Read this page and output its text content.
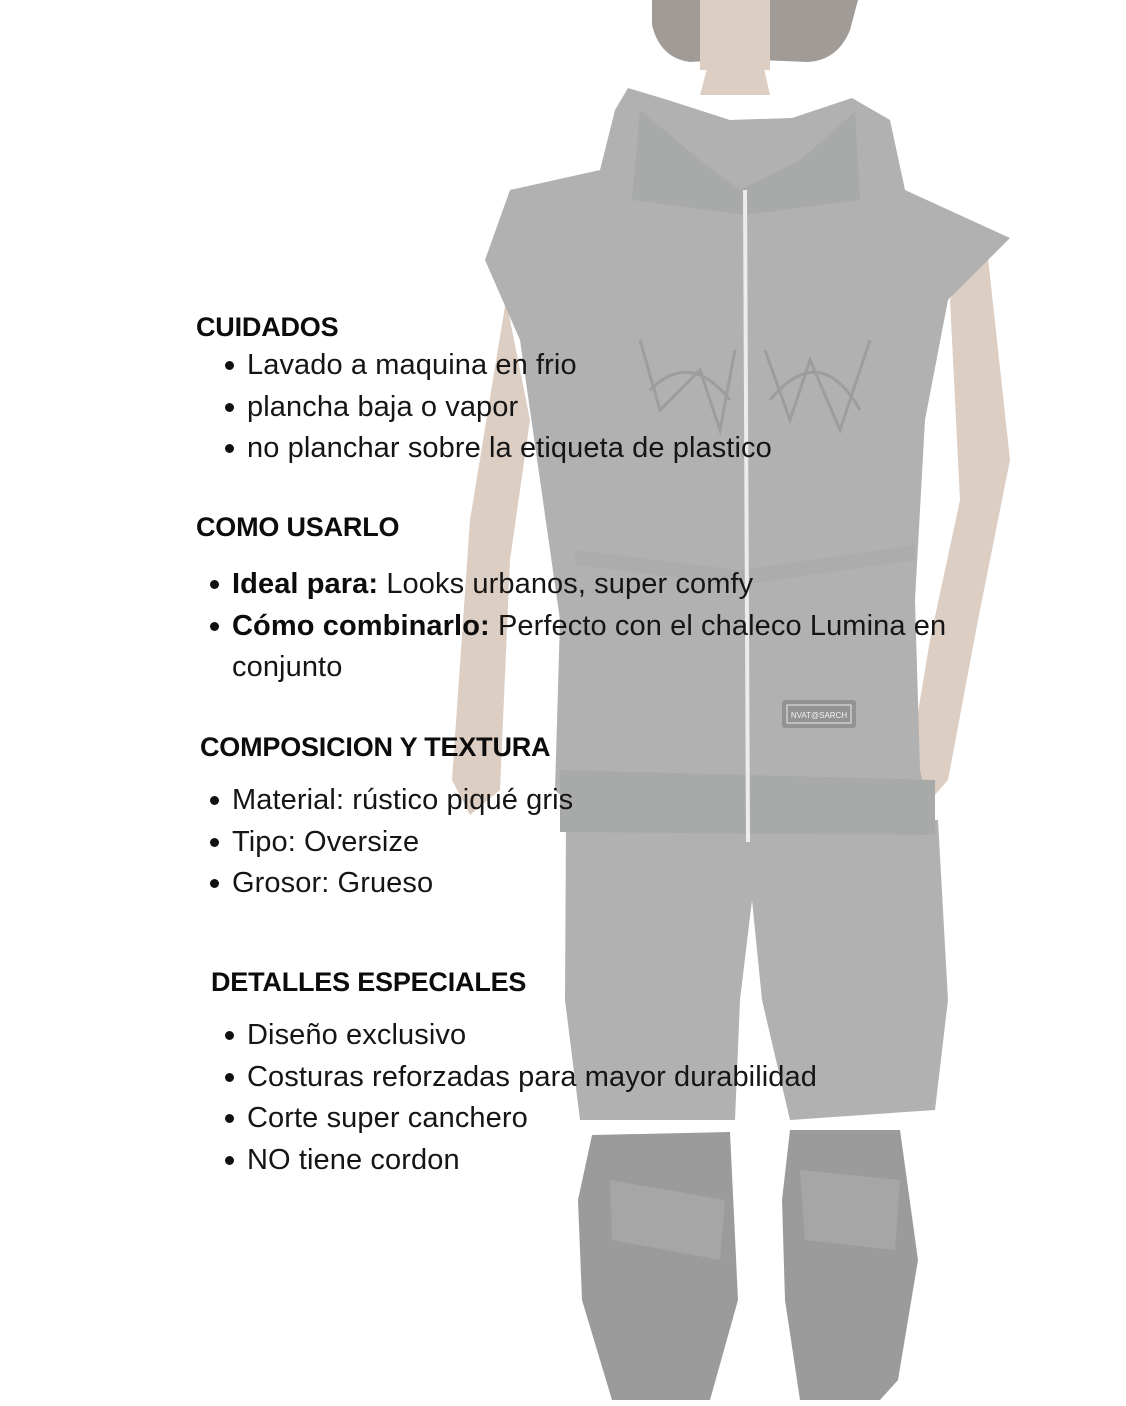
CUIDADOS
Lavado a maquina en frio
plancha baja o vapor
no planchar sobre la etiqueta de plastico
COMO USARLO
Ideal para: Looks urbanos, super comfy
Cómo combinarlo: Perfecto con el chaleco Lumina en conjunto
COMPOSICION Y TEXTURA
Material: rústico piqué gris
Tipo: Oversize
Grosor: Grueso
DETALLES ESPECIALES
Diseño exclusivo
Costuras reforzadas para mayor durabilidad
Corte super canchero
NO tiene cordon
